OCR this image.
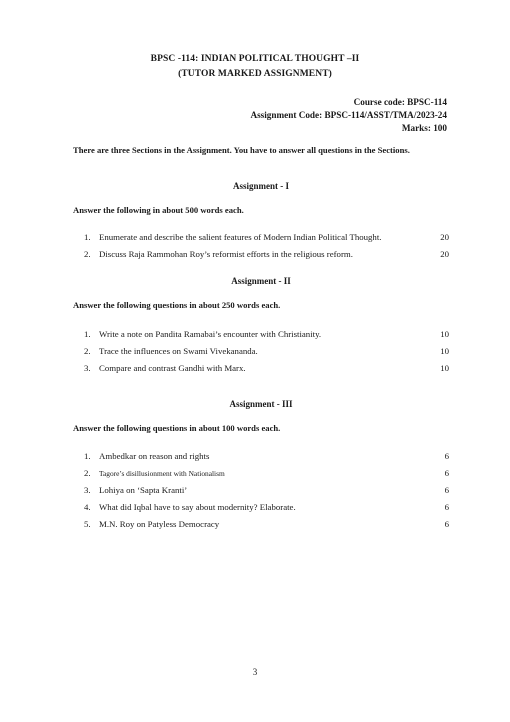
BPSC -114: INDIAN POLITICAL THOUGHT –II
(TUTOR MARKED ASSIGNMENT)
Course code: BPSC-114
Assignment Code: BPSC-114/ASST/TMA/2023-24
Marks: 100
There are three Sections in the Assignment. You have to answer all questions in the Sections.

Assignment - I

Answer the following in about 500 words each.

1. Enumerate and describe the salient features of Modern Indian Political Thought.	20
2. Discuss Raja Rammohan Roy’s reformist efforts in the religious reform.	20

Assignment - II

Answer the following questions in about 250 words each.

1. Write a note on Pandita Ramabai’s encounter with Christianity.	10
2. Trace the influences on Swami Vivekananda.	10
3. Compare and contrast Gandhi with Marx.	10

Assignment - III

Answer the following questions in about 100 words each.

1. Ambedkar on reason and rights	6
2. Tagore’s disillusionment with Nationalism	6
3. Lohiya on ‘Sapta Kranti’	6
4. What did Iqbal have to say about modernity? Elaborate.	6
5. M.N. Roy on Patyless Democracy	6
3
